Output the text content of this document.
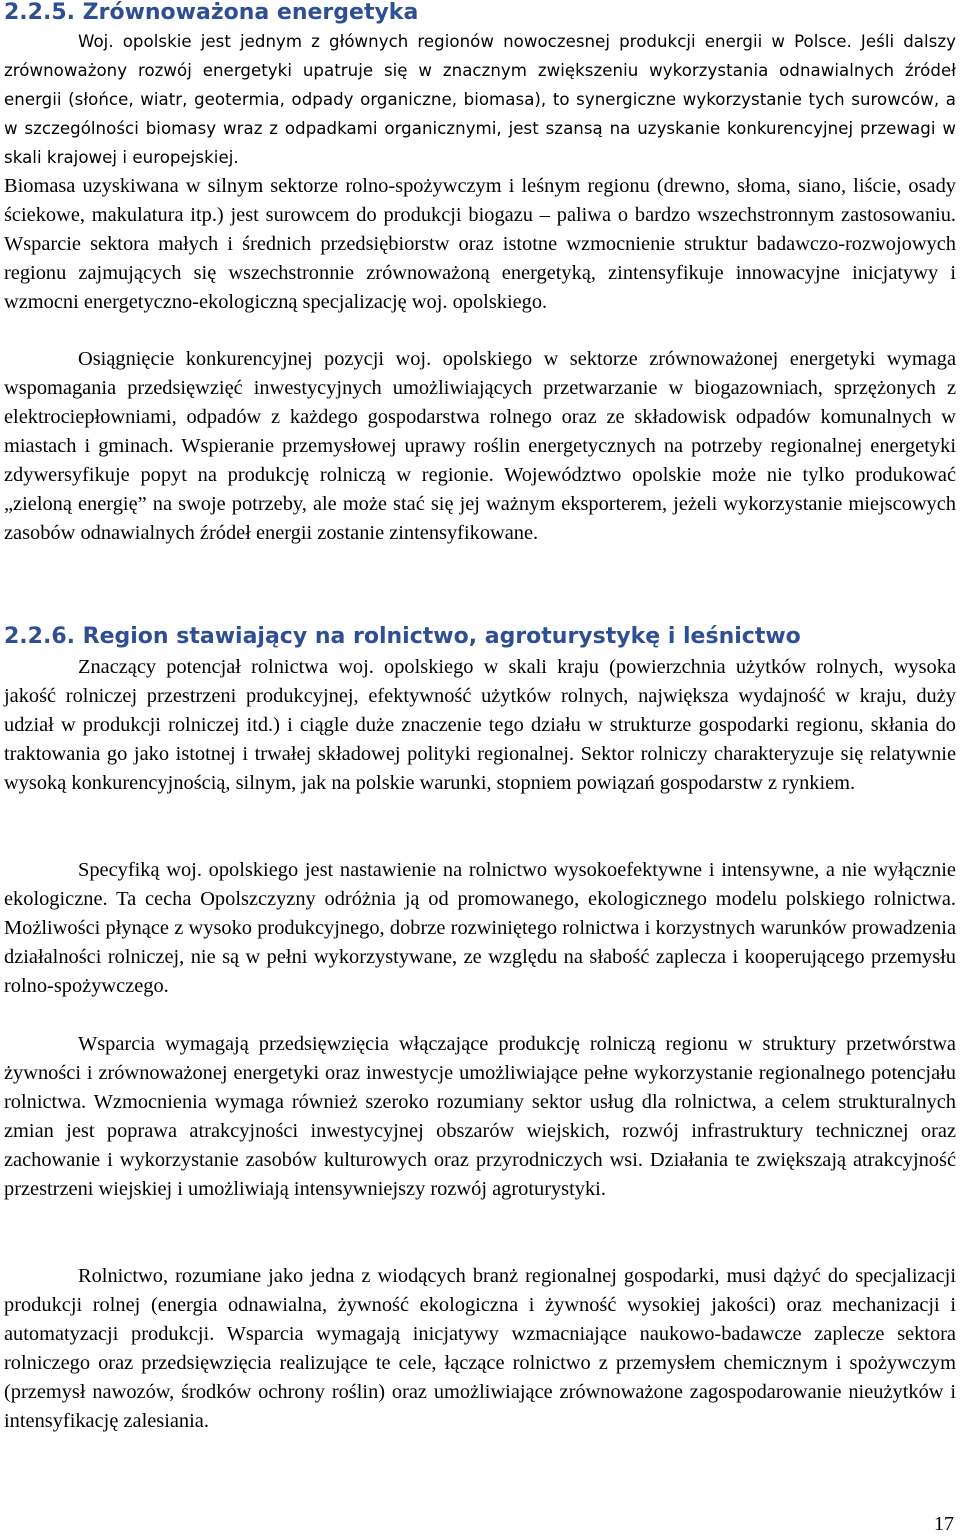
2.2.5. Zrównoważona energetyka

Woj. opolskie jest jednym z głównych regionów nowoczesnej produkcji energii w Polsce. Jeśli dalszy zrównoważony rozwój energetyki upatruje się w znacznym zwiększeniu wykorzystania odnawialnych źródeł energii (słońce, wiatr, geotermia, odpady organiczne, biomasa), to synergiczne wykorzystanie tych surowców, a w szczególności biomasy wraz z odpadkami organicznymi, jest szansą na uzyskanie konkurencyjnej przewagi w skali krajowej i europejskiej.

Biomasa uzyskiwana w silnym sektorze rolno-spożywczym i leśnym regionu (drewno, słoma, siano, liście, osady ściekowe, makulatura itp.) jest surowcem do produkcji biogazu – paliwa o bardzo wszechstronnym zastosowaniu. Wsparcie sektora małych i średnich przedsiębiorstw oraz istotne wzmocnienie struktur badawczo-rozwojowych regionu zajmujących się wszechstronnie zrównoważoną energetyką, zintensyfikuje innowacyjne inicjatywy i wzmocni energetyczno-ekologiczną specjalizację woj. opolskiego.

Osiągnięcie konkurencyjnej pozycji woj. opolskiego w sektorze zrównoważonej energetyki wymaga wspomagania przedsięwzięć inwestycyjnych umożliwiających przetwarzanie w biogazowniach, sprzężonych z elektrociepłowniami, odpadów z każdego gospodarstwa rolnego oraz ze składowisk odpadów komunalnych w miastach i gminach. Wspieranie przemysłowej uprawy roślin energetycznych na potrzeby regionalnej energetyki zdywersyfikuje popyt na produkcję rolniczą w regionie. Województwo opolskie może nie tylko produkować „zieloną energię” na swoje potrzeby, ale może stać się jej ważnym eksporterem, jeżeli wykorzystanie miejscowych zasobów odnawialnych źródeł energii zostanie zintensyfikowane.

2.2.6. Region stawiający na rolnictwo, agroturystykę i leśnictwo

Znaczący potencjał rolnictwa woj. opolskiego w skali kraju (powierzchnia użytków rolnych, wysoka jakość rolniczej przestrzeni produkcyjnej, efektywność użytków rolnych, największa wydajność w kraju, duży udział w produkcji rolniczej itd.) i ciągle duże znaczenie tego działu w strukturze gospodarki regionu, skłania do traktowania go jako istotnej i trwałej składowej polityki regionalnej. Sektor rolniczy charakteryzuje się relatywnie wysoką konkurencyjnością, silnym, jak na polskie warunki, stopniem powiązań gospodarstw z rynkiem.

Specyfiką woj. opolskiego jest nastawienie na rolnictwo wysokoefektywne i intensywne, a nie wyłącznie ekologiczne. Ta cecha Opolszczyzny odróżnia ją od promowanego, ekologicznego modelu polskiego rolnictwa. Możliwości płynące z wysoko produkcyjnego, dobrze rozwiniętego rolnictwa i korzystnych warunków prowadzenia działalności rolniczej, nie są w pełni wykorzystywane, ze względu na słabość zaplecza i kooperującego przemysłu rolno-spożywczego.

Wsparcia wymagają przedsięwzięcia włączające produkcję rolniczą regionu w struktury przetwórstwa żywności i zrównoważonej energetyki oraz inwestycje umożliwiające pełne wykorzystanie regionalnego potencjału rolnictwa. Wzmocnienia wymaga również szeroko rozumiany sektor usług dla rolnictwa, a celem strukturalnych zmian jest poprawa atrakcyjności inwestycyjnej obszarów wiejskich, rozwój infrastruktury technicznej oraz zachowanie i wykorzystanie zasobów kulturowych oraz przyrodniczych wsi. Działania te zwiększają atrakcyjność przestrzeni wiejskiej i umożliwiają intensywniejszy rozwój agroturystyki.

Rolnictwo, rozumiane jako jedna z wiodących branż regionalnej gospodarki, musi dążyć do specjalizacji produkcji rolnej (energia odnawialna, żywność ekologiczna i żywność wysokiej jakości) oraz mechanizacji i automatyzacji produkcji. Wsparcia wymagają inicjatywy wzmacniające naukowo-badawcze zaplecze sektora rolniczego oraz przedsięwzięcia realizujące te cele, łączące rolnictwo z przemysłem chemicznym i spożywczym (przemysł nawozów, środków ochrony roślin) oraz umożliwiające zrównoważone zagospodarowanie nieużytków i intensyfikację zalesiania.

17
